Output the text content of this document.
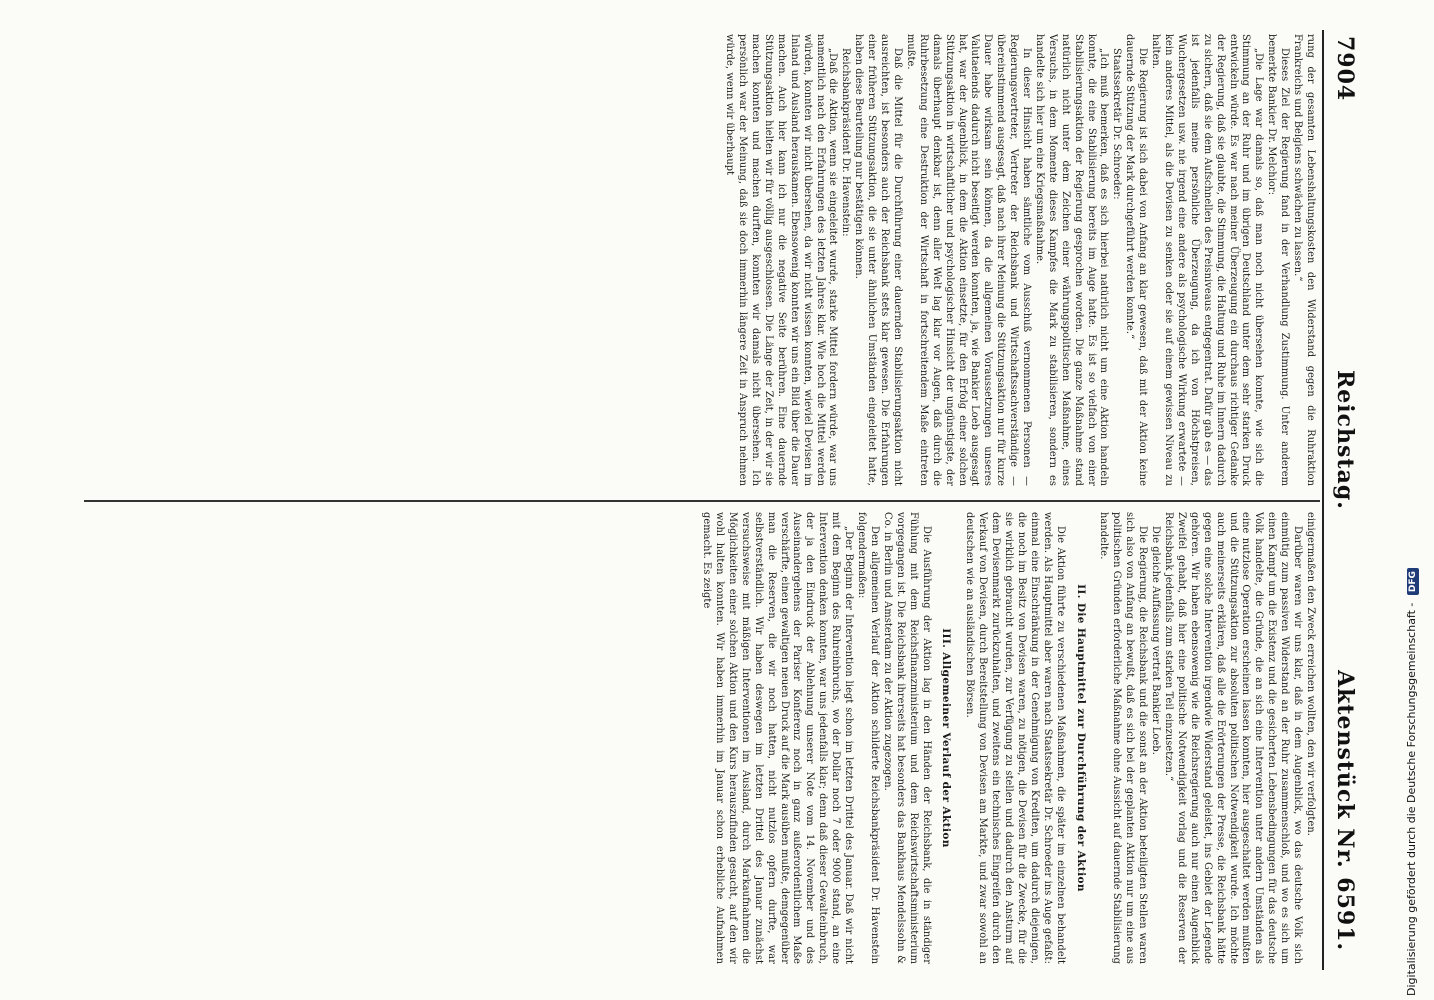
7904
Reichstag.
Aktenstück Nr. 6591.

rung der gesamten Lebenshaltungskosten den Widerstand gegen die Ruhraktion Frankreichs und Belgiens schwächen zu lassen.“

Dieses Ziel der Regierung fand in der Verhandlung Zustimmung. Unter anderem bemerkte Bankier Dr. Melchior:

„Die Lage war damals so, daß man noch nicht übersehen konnte, wie sich die Stimmung an der Ruhr und im übrigen Deutschland unter dem sehr starken Druck entwickeln würde. Es war nach meiner Überzeugung ein durchaus richtiger Gedanke der Regierung, daß sie glaubte, die Stimmung, die Haltung und Ruhe im Innern dadurch zu sichern, daß sie dem Aufschnellen des Preisniveaus entgegentrat. Dafür gab es — das ist jedenfalls meine persönliche Überzeugung, da ich von Höchstpreisen, Wuchergesetzen usw. nie irgend eine andere als psychologische Wirkung erwartete — kein anderes Mittel, als die Devisen zu senken oder sie auf einem gewissen Niveau zu halten.

Die Regierung ist sich dabei von Anfang an klar gewesen, daß mit der Aktion keine dauernde Stützung der Mark durchgeführt werden konnte.“

Staatssekretär Dr. Schroeder:

„Ich muß bemerken, daß es sich hierbei natürlich nicht um eine Aktion handeln konnte, die eine Stabilisierung bereits im Auge hatte. Es ist so vielfach von einer Stabilisierungsaktion der Regierung gesprochen worden. Die ganze Maßnahme stand natürlich nicht unter dem Zeichen einer währungspolitischen Maßnahme, eines Versuchs, in dem Momente dieses Kampfes die Mark zu stabilisieren, sondern es handelte sich hier um eine Kriegsmaßnahme.

In dieser Hinsicht haben sämtliche vom Ausschuß vernommenen Personen — Regierungsvertreter, Vertreter der Reichsbank und Wirtschaftssachverständige — übereinstimmend ausgesagt, daß nach ihrer Meinung die Stützungsaktion nur für kurze Dauer habe wirksam sein können, da die allgemeinen Voraussetzungen unseres Valutaelends dadurch nicht beseitigt werden konnten, ja, wie Bankier Loeb ausgesagt hat, war der Augenblick, in dem die Aktion einsetzte, für den Erfolg einer solchen Stützungsaktion in wirtschaftlicher und psychologischer Hinsicht der ungünstigste, der damals überhaupt denkbar ist, denn aller Welt lag klar vor Augen, daß durch die Ruhrbesetzung eine Destruktion der Wirtschaft in fortschreitendem Maße eintreten mußte.

Daß die Mittel für die Durchführung einer dauernden Stabilisierungsaktion nicht ausreichten, ist besonders auch der Reichsbank stets klar gewesen. Die Erfahrungen einer früheren Stützungsaktion, die sie unter ähnlichen Umständen eingeleitet hatte, haben diese Beurteilung nur bestätigen können.

Reichsbankpräsident Dr. Havenstein:

„Daß die Aktion, wenn sie eingeleitet wurde, starke Mittel fordern würde, war uns namentlich nach den Erfahrungen des letzten Jahres klar. Wie hoch die Mittel werden würden, konnten wir nicht übersehen, da wir nicht wissen konnten, wieviel Devisen im Inland und Ausland herauskamen. Ebensowenig konnten wir uns ein Bild über die Dauer machen. Auch hier kann ich nur die negative Seite berühren. Eine dauernde Stützungsaktion hielten wir für völlig ausgeschlossen. Die Länge der Zeit, in der wir sie machen konnten und machen durften, konnten wir damals nicht übersehen. Ich persönlich war der Meinung, daß sie doch immerhin längere Zeit in Anspruch nehmen würde, wenn wir überhaupt

einigermaßen den Zweck erreichen wollten, den wir verfolgten.

Darüber waren wir uns klar, daß in dem Augenblick, wo das deutsche Volk sich einmütig zum passiven Widerstand an der Ruhr zusammenschloß, und wo es sich um einen Kampf um die Existenz und die gesicherten Lebensbedingungen für das deutsche Volk handelte, die Gründe, die an sich eine Intervention unter andern Umständen als eine nutzlose Operation erscheinen lassen konnten, hier ausgeschaltet werden mußten und die Stützungsaktion zur absoluten politischen Notwendigkeit wurde. Ich möchte auch meinerseits erklären, daß alle die Erörterungen der Presse, die Reichsbank hätte gegen eine solche Intervention irgendwie Widerstand geleistet, ins Gebiet der Legende gehören. Wir haben ebensowenig wie die Reichsregierung auch nur einen Augenblick Zweifel gehabt, daß hier eine politische Notwendigkeit vorlag und die Reserven der Reichsbank jedenfalls zum starken Teil einzusetzen.“

Die gleiche Auffassung vertrat Bankier Loeb.

Die Regierung, die Reichsbank und die sonst an der Aktion beteiligten Stellen waren sich also von Anfang an bewußt, daß es sich bei der geplanten Aktion nur um eine aus politischen Gründen erforderliche Maßnahme ohne Aussicht auf dauernde Stabilisierung handelte.

II. Die Hauptmittel zur Durchführung der Aktion

Die Aktion führte zu verschiedenen Maßnahmen, die später im einzelnen behandelt werden. Als Hauptmittel aber waren nach Staatssekretär Dr. Schroeder ins Auge gefaßt: einmal eine Einschränkung in der Genehmigung von Krediten, um dadurch diejenigen, die noch im Besitz von Devisen waren, zu nötigen, die Devisen für die Zwecke, für die sie wirklich gebraucht wurden, zur Verfügung zu stellen und dadurch den Ansturm auf dem Devisenmarkt zurückzuhalten, und zweitens ein technisches Eingreifen durch den Verkauf von Devisen, durch Bereitstellung von Devisen am Markte, und zwar sowohl an deutschen wie an ausländischen Börsen.

III. Allgemeiner Verlauf der Aktion

Die Ausführung der Aktion lag in den Händen der Reichsbank, die in ständiger Fühlung mit dem Reichsfinanzministerium und dem Reichswirtschaftsministerium vorgegangen ist. Die Reichsbank ihrerseits hat besonders das Bankhaus Mendelssohn & Co. in Berlin und Amsterdam zu der Aktion zugezogen.

Den allgemeinen Verlauf der Aktion schilderte Reichsbankpräsident Dr. Havenstein folgendermaßen:

„Der Beginn der Intervention liegt schon im letzten Drittel des Januar. Daß wir nicht mit dem Beginn des Ruhreinbruchs, wo der Dollar noch 7 oder 9000 stand, an eine Intervention denken konnten, war uns jedenfalls klar; denn daß dieser Gewalteinbruch, der ja den Eindruck der Ablehnung unserer Note vom 14. November und des Auseinandergehens der Pariser Konferenz noch in ganz außerordentlichem Maße verschärfte, einen gewaltigen neuen Druck auf die Mark ausüben mußte, demgegenüber man die Reserven, die wir noch hatten, nicht nutzlos opfern durfte, war selbstverständlich. Wir haben deswegen im letzten Drittel des Januar zunächst versuchsweise mit mäßigen Interventionen im Ausland, durch Markaufnahmen die Möglichkeiten einer solchen Aktion und den Kurs herauszufinden gesucht, auf den wir wohl halten konnten. Wir haben immerhin im Januar schon erhebliche Aufnahmen gemacht. Es zeigte

Digitalisierung gefördert durch die Deutsche Forschungsgemeinschaft - DFG
